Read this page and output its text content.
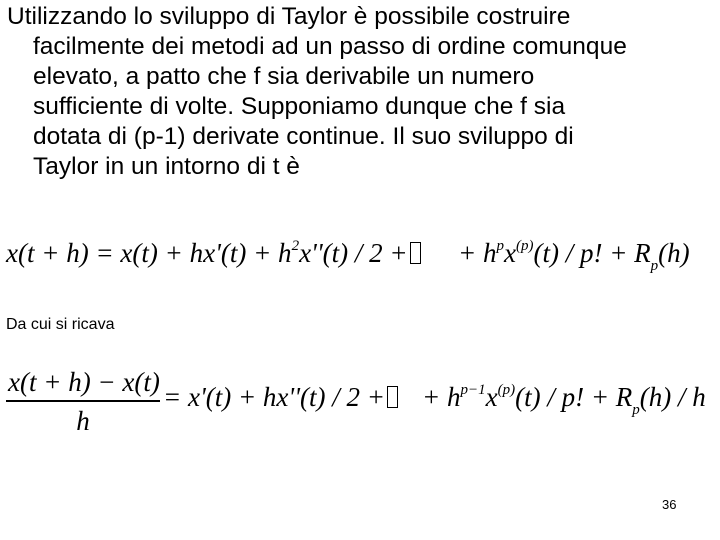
Utilizzando lo sviluppo di Taylor è possibile costruire
facilmente dei metodi ad un passo di ordine comunque
elevato, a patto che f sia derivabile un numero
sufficiente di volte. Supponiamo dunque che f sia
dotata di (p-1) derivate continue. Il suo sviluppo di
Taylor in un intorno di t è
$x(t + h) = x(t) + hx'(t) + h^2x''(t) / 2$ +	+ $h^px^{(p)}(t)$ / p! + $R_p(h)$
Da cui si ricava
x(t + h) − x(t)
h
= x'(t) + hx''(t) / 2 +	+ $h^{p-1}x^{(p)}(t)$ / p! + $R_p(h)$ / h
36
